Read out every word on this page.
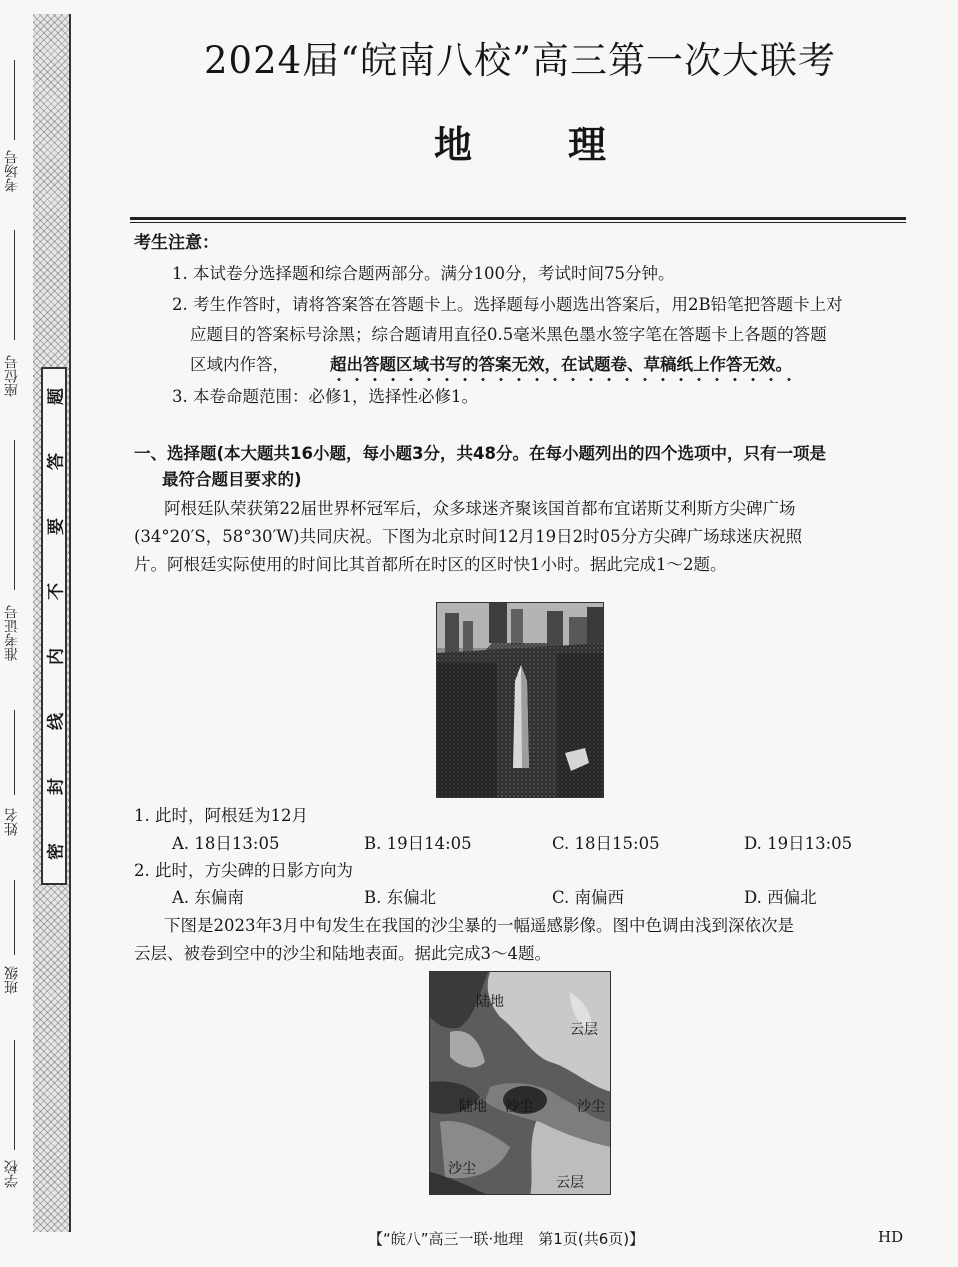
考场号
座位号
准考证号
姓名
班级
学校
题
答
要
不
内
线
封
密
2024届“皖南八校”高三第一次大联考
地理
考生注意：
1. 本试卷分选择题和综合题两部分。满分100分，考试时间75分钟。
2. 考生作答时，请将答案答在答题卡上。选择题每小题选出答案后，用2B铅笔把答题卡上对
应题目的答案标号涂黑；综合题请用直径0.5毫米黑色墨水签字笔在答题卡上各题的答题
区域内作答， 超出答题区域书写的答案无效，在试题卷、草稿纸上作答无效。
3. 本卷命题范围：必修1，选择性必修1。
一、选择题(本大题共16小题，每小题3分，共48分。在每小题列出的四个选项中，只有一项是
最符合题目要求的)
阿根廷队荣获第22届世界杯冠军后，众多球迷齐聚该国首都布宜诺斯艾利斯方尖碑广场
(34°20′S，58°30′W)共同庆祝。下图为北京时间12月19日2时05分方尖碑广场球迷庆祝照
片。阿根廷实际使用的时间比其首都所在时区的区时快1小时。据此完成1～2题。
1. 此时，阿根廷为12月
A. 18日13:05	B. 19日14:05	C. 18日15:05	D. 19日13:05
2. 此时，方尖碑的日影方向为
A. 东偏南	B. 东偏北	C. 南偏西	D. 西偏北
下图是2023年3月中旬发生在我国的沙尘暴的一幅遥感影像。图中色调由浅到深依次是
云层、被卷到空中的沙尘和陆地表面。据此完成3～4题。
陆地
云层
陆地 沙尘	沙尘
沙尘
云层
【“皖八”高三一联·地理　第1页(共6页)】	HD
